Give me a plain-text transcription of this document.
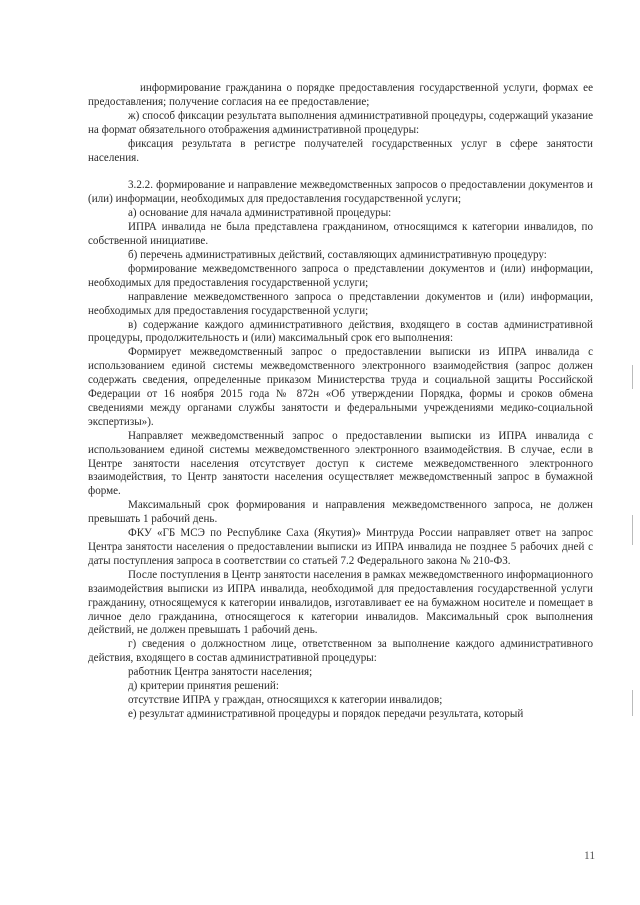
информирование гражданина о порядке предоставления государственной услуги, формах ее предоставления; получение согласия на ее предоставление;

ж) способ фиксации результата выполнения административной процедуры, содержащий указание на формат обязательного отображения административной процедуры:

фиксация результата в регистре получателей государственных услуг в сфере занятости населения.

3.2.2. формирование и направление межведомственных запросов о предоставлении документов и (или) информации, необходимых для предоставления государственной услуги;

а) основание для начала административной процедуры:

ИПРА инвалида не была представлена гражданином, относящимся к категории инвалидов, по собственной инициативе.

б) перечень административных действий, составляющих административную процедуру:

формирование межведомственного запроса о представлении документов и (или) информации, необходимых для предоставления государственной услуги;

направление межведомственного запроса о представлении документов и (или) информации, необходимых для предоставления государственной услуги;

в) содержание каждого административного действия, входящего в состав административной процедуры, продолжительность и (или) максимальный срок его выполнения:

Формирует межведомственный запрос о предоставлении выписки из ИПРА инвалида с использованием единой системы межведомственного электронного взаимодействия (запрос должен содержать сведения, определенные приказом Министерства труда и социальной защиты Российской Федерации от 16 ноября 2015 года № 872н «Об утверждении Порядка, формы и сроков обмена сведениями между органами службы занятости и федеральными учреждениями медико-социальной экспертизы»).

Направляет межведомственный запрос о предоставлении выписки из ИПРА инвалида с использованием единой системы межведомственного электронного взаимодействия. В случае, если в Центре занятости населения отсутствует доступ к системе межведомственного электронного взаимодействия, то Центр занятости населения осуществляет межведомственный запрос в бумажной форме.

Максимальный срок формирования и направления межведомственного запроса, не должен превышать 1 рабочий день.

ФКУ «ГБ МСЭ по Республике Саха (Якутия)» Минтруда России направляет ответ на запрос Центра занятости населения о предоставлении выписки из ИПРА инвалида не позднее 5 рабочих дней с даты поступления запроса в соответствии со статьей 7.2 Федерального закона № 210-ФЗ.

После поступления в Центр занятости населения в рамках межведомственного информационного взаимодействия выписки из ИПРА инвалида, необходимой для предоставления государственной услуги гражданину, относящемуся к категории инвалидов, изготавливает ее на бумажном носителе и помещает в личное дело гражданина, относящегося к категории инвалидов. Максимальный срок выполнения действий, не должен превышать 1 рабочий день.

г) сведения о должностном лице, ответственном за выполнение каждого административного действия, входящего в состав административной процедуры:

работник Центра занятости населения;

д) критерии принятия решений:

отсутствие ИПРА у граждан, относящихся к категории инвалидов;

е) результат административной процедуры и порядок передачи результата, который

11
